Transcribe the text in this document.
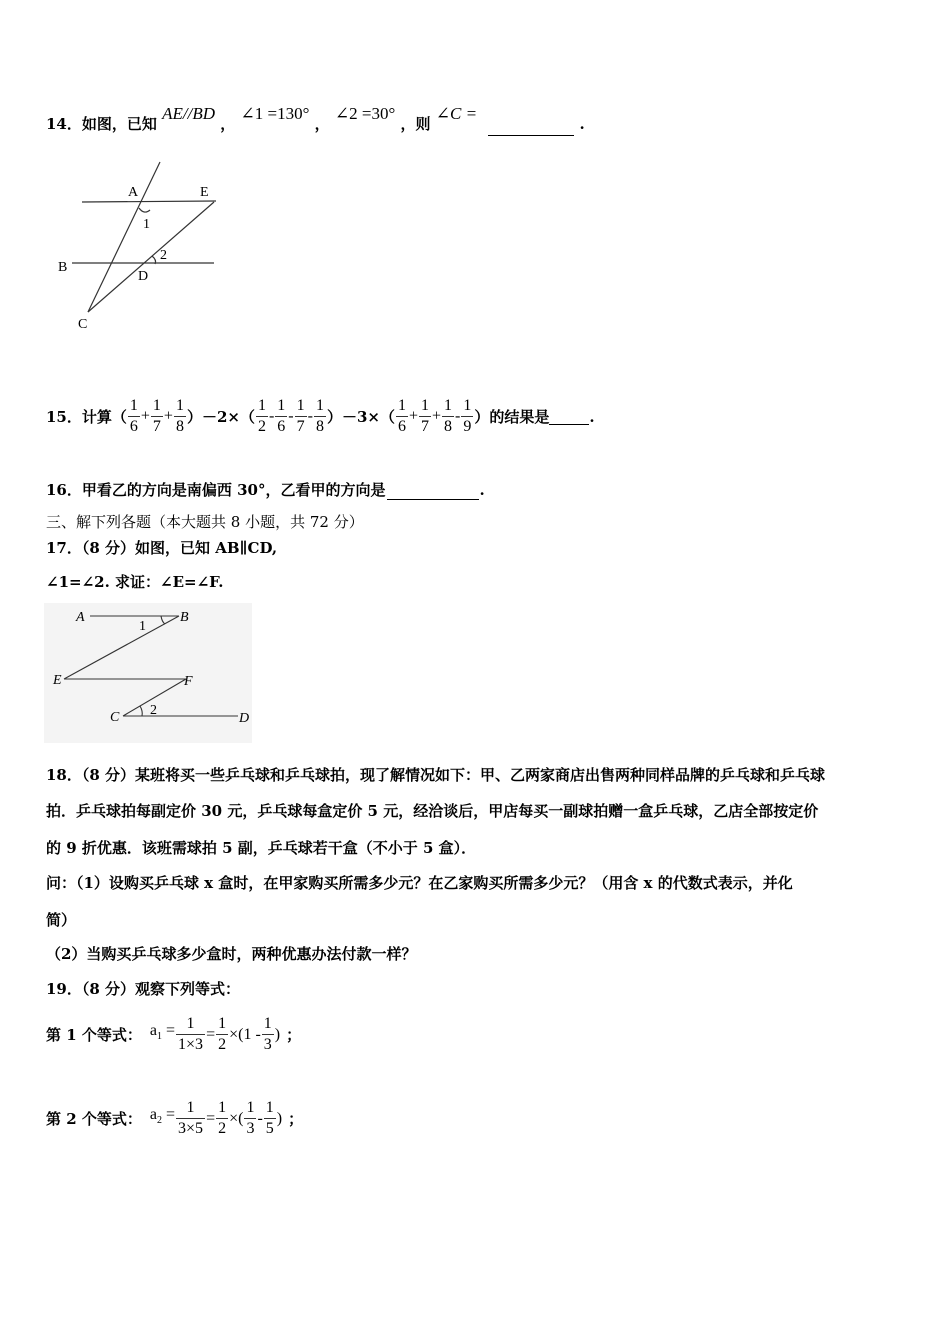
14．如图，已知 AE//BD ， ∠1 =130° ， ∠2 =30° ，则 ∠C =  .
A	E
1
B
D
2
C
15．计算（ $\frac{1}{6} + \frac{1}{7} + \frac{1}{8} )-2\times( \frac{1}{2} - \frac{1}{6} - \frac{1}{7} - \frac{1}{8} )-3\times( \frac{1}{6} + \frac{1}{7} + \frac{1}{8} - \frac{1}{9}$ ）的结果是	.
16．甲看乙的方向是南偏西 30°，乙看甲的方向是	.
三、解下列各题（本大题共 8 小题，共 72 分）
17．（8 分）如图，已知 AB∥CD,
∠1=∠2. 求证：∠E=∠F.
A	B
1
E	F
C 2
D
18．（8 分）某班将买一些乒乓球和乒乓球拍，现了解情况如下：甲、乙两家商店出售两种同样品牌的乒乓球和乒乓球
拍．乒乓球拍每副定价 30 元，乒乓球每盒定价 5 元，经洽谈后，甲店每买一副球拍赠一盒乒乓球，乙店全部按定价
的 9 折优惠．该班需球拍 5 副，乒乓球若干盒（不小于 5 盒）．
问：（1）设购买乒乓球 x 盒时，在甲家购买所需多少元？在乙家购买所需多少元？（用含 x 的代数式表示，并化
简）
（2）当购买乒乓球多少盒时，两种优惠办法付款一样？
19．（8 分）观察下列等式：
第 1 个等式： $a_1 = \frac{1}{1\times 3} = \frac{1}{2} \times(1 - \frac{1}{3}$ ) ；
第 2 个等式： $a_2 = \frac{1}{3\times 5} = \frac{1}{2}$ ×( $\frac{1}{3} - \frac{1}{5}$ ) ；
